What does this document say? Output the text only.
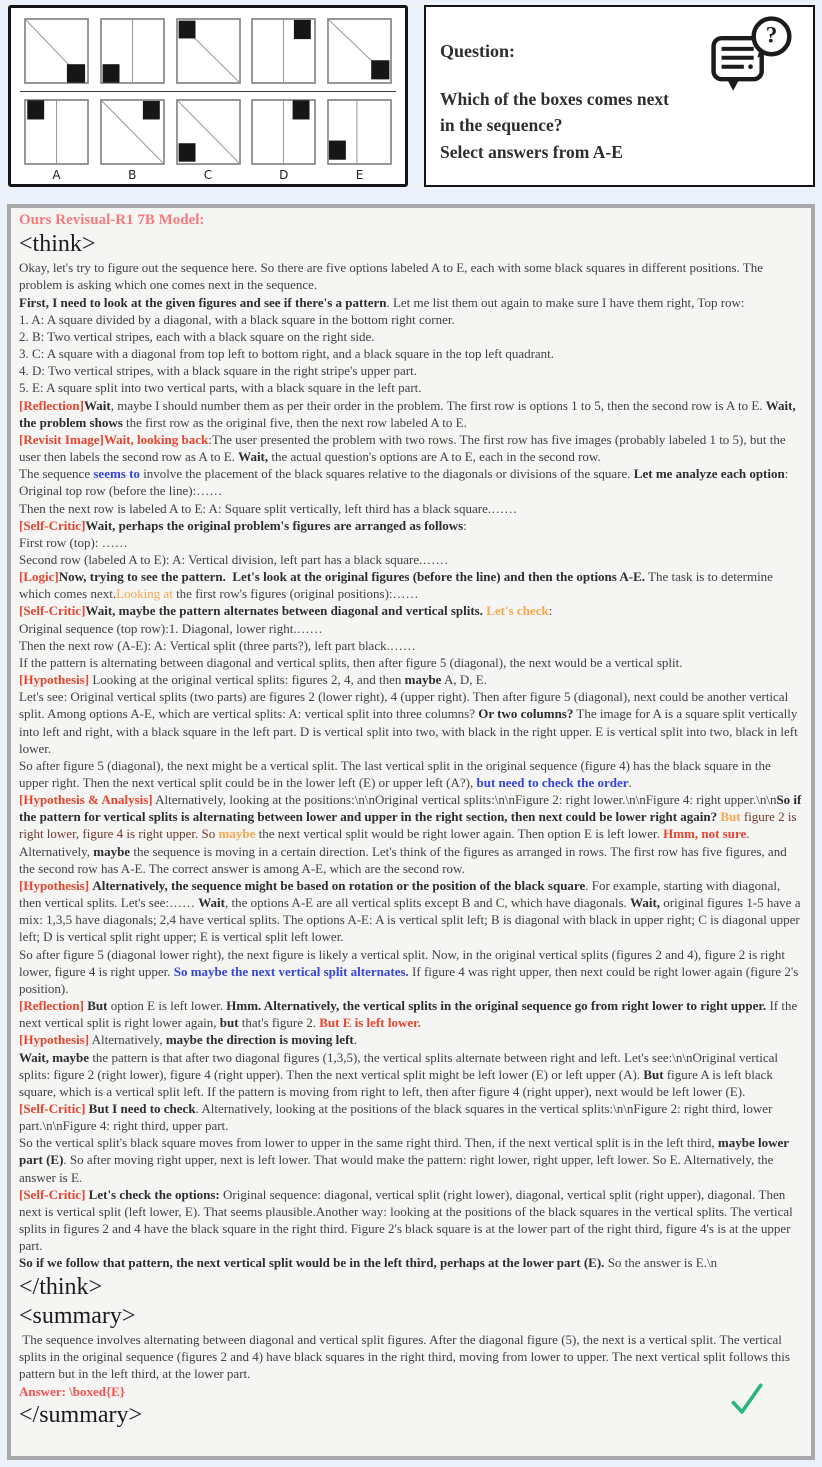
A	B	C	D	E
Question:
?
Which of the boxes comes next
in the sequence?
Select answers from A-E
Ours Revisual-R1 7B Model:
<think>
Okay, let's try to figure out the sequence here. So there are five options labeled A to E, each with some black squares in different positions. The problem is asking which one comes next in the sequence.
First, I need to look at the given figures and see if there's a pattern. Let me list them out again to make sure I have them right, Top row:
1. A: A square divided by a diagonal, with a black square in the bottom right corner.
2. B: Two vertical stripes, each with a black square on the right side.
3. C: A square with a diagonal from top left to bottom right, and a black square in the top left quadrant.
4. D: Two vertical stripes, with a black square in the right stripe's upper part.
5. E: A square split into two vertical parts, with a black square in the left part.
[Reflection]Wait, maybe I should number them as per their order in the problem. The first row is options 1 to 5, then the second row is A to E. Wait, the problem shows the first row as the original five, then the next row labeled A to E.
[Revisit Image]Wait, looking back:The user presented the problem with two rows. The first row has five images (probably labeled 1 to 5), but the user then labels the second row as A to E. Wait, the actual question's options are A to E, each in the second row.
The sequence seems to involve the placement of the black squares relative to the diagonals or divisions of the square. Let me analyze each option:
Original top row (before the line):……
Then the next row is labeled A to E: A: Square split vertically, left third has a black square.……
[Self-Critic]Wait, perhaps the original problem's figures are arranged as follows:
First row (top): ……
Second row (labeled A to E): A: Vertical division, left part has a black square.……
[Logic]Now, trying to see the pattern.  Let's look at the original figures (before the line) and then the options A-E. The task is to determine which comes next.Looking at the first row's figures (original positions):……
[Self-Critic]Wait, maybe the pattern alternates between diagonal and vertical splits. Let's check:
Original sequence (top row):1. Diagonal, lower right.……
Then the next row (A-E): A: Vertical split (three parts?), left part black.……
If the pattern is alternating between diagonal and vertical splits, then after figure 5 (diagonal), the next would be a vertical split.
[Hypothesis] Looking at the original vertical splits: figures 2, 4, and then maybe A, D, E.
Let's see: Original vertical splits (two parts) are figures 2 (lower right), 4 (upper right). Then after figure 5 (diagonal), next could be another vertical split. Among options A-E, which are vertical splits: A: vertical split into three columns? Or two columns? The image for A is a square split vertically into left and right, with a black square in the left part. D is vertical split into two, with black in the right upper. E is vertical split into two, black in left lower.
So after figure 5 (diagonal), the next might be a vertical split. The last vertical split in the original sequence (figure 4) has the black square in the upper right. Then the next vertical split could be in the lower left (E) or upper left (A?), but need to check the order.
[Hypothesis & Analysis] Alternatively, looking at the positions:\n\nOriginal vertical splits:\n\nFigure 2: right lower.\n\nFigure 4: right upper.\n\nSo if the pattern for vertical splits is alternating between lower and upper in the right section, then next could be lower right again? But figure 2 is right lower, figure 4 is right upper. So maybe the next vertical split would be right lower again. Then option E is left lower. Hmm, not sure.
Alternatively, maybe the sequence is moving in a certain direction. Let's think of the figures as arranged in rows. The first row has five figures, and the second row has A-E. The correct answer is among A-E, which are the second row.
[Hypothesis] Alternatively, the sequence might be based on rotation or the position of the black square. For example, starting with diagonal, then vertical splits. Let's see:…… Wait, the options A-E are all vertical splits except B and C, which have diagonals. Wait, original figures 1-5 have a mix: 1,3,5 have diagonals; 2,4 have vertical splits. The options A-E: A is vertical split left; B is diagonal with black in upper right; C is diagonal upper left; D is vertical split right upper; E is vertical split left lower.
So after figure 5 (diagonal lower right), the next figure is likely a vertical split. Now, in the original vertical splits (figures 2 and 4), figure 2 is right lower, figure 4 is right upper. So maybe the next vertical split alternates. If figure 4 was right upper, then next could be right lower again (figure 2's position).
[Reflection] But option E is left lower. Hmm. Alternatively, the vertical splits in the original sequence go from right lower to right upper. If the next vertical split is right lower again, but that's figure 2. But E is left lower.
[Hypothesis] Alternatively, maybe the direction is moving left.
Wait, maybe the pattern is that after two diagonal figures (1,3,5), the vertical splits alternate between right and left. Let's see:\n\nOriginal vertical splits: figure 2 (right lower), figure 4 (right upper). Then the next vertical split might be left lower (E) or left upper (A). But figure A is left black square, which is a vertical split left. If the pattern is moving from right to left, then after figure 4 (right upper), next would be left lower (E).
[Self-Critic] But I need to check. Alternatively, looking at the positions of the black squares in the vertical splits:\n\nFigure 2: right third, lower part.\n\nFigure 4: right third, upper part.
So the vertical split's black square moves from lower to upper in the same right third. Then, if the next vertical split is in the left third, maybe lower part (E). So after moving right upper, next is left lower. That would make the pattern: right lower, right upper, left lower. So E. Alternatively, the answer is E.
[Self-Critic] Let's check the options: Original sequence: diagonal, vertical split (right lower), diagonal, vertical split (right upper), diagonal. Then next is vertical split (left lower, E). That seems plausible.Another way: looking at the positions of the black squares in the vertical splits. The vertical splits in figures 2 and 4 have the black square in the right third. Figure 2's black square is at the lower part of the right third, figure 4's is at the upper part.
So if we follow that pattern, the next vertical split would be in the left third, perhaps at the lower part (E). So the answer is E.\n
</think>
<summary>
The sequence involves alternating between diagonal and vertical split figures. After the diagonal figure (5), the next is a vertical split. The vertical splits in the original sequence (figures 2 and 4) have black squares in the right third, moving from lower to upper. The next vertical split follows this pattern but in the left third, at the lower part.
Answer: \boxed{E}
</summary>
